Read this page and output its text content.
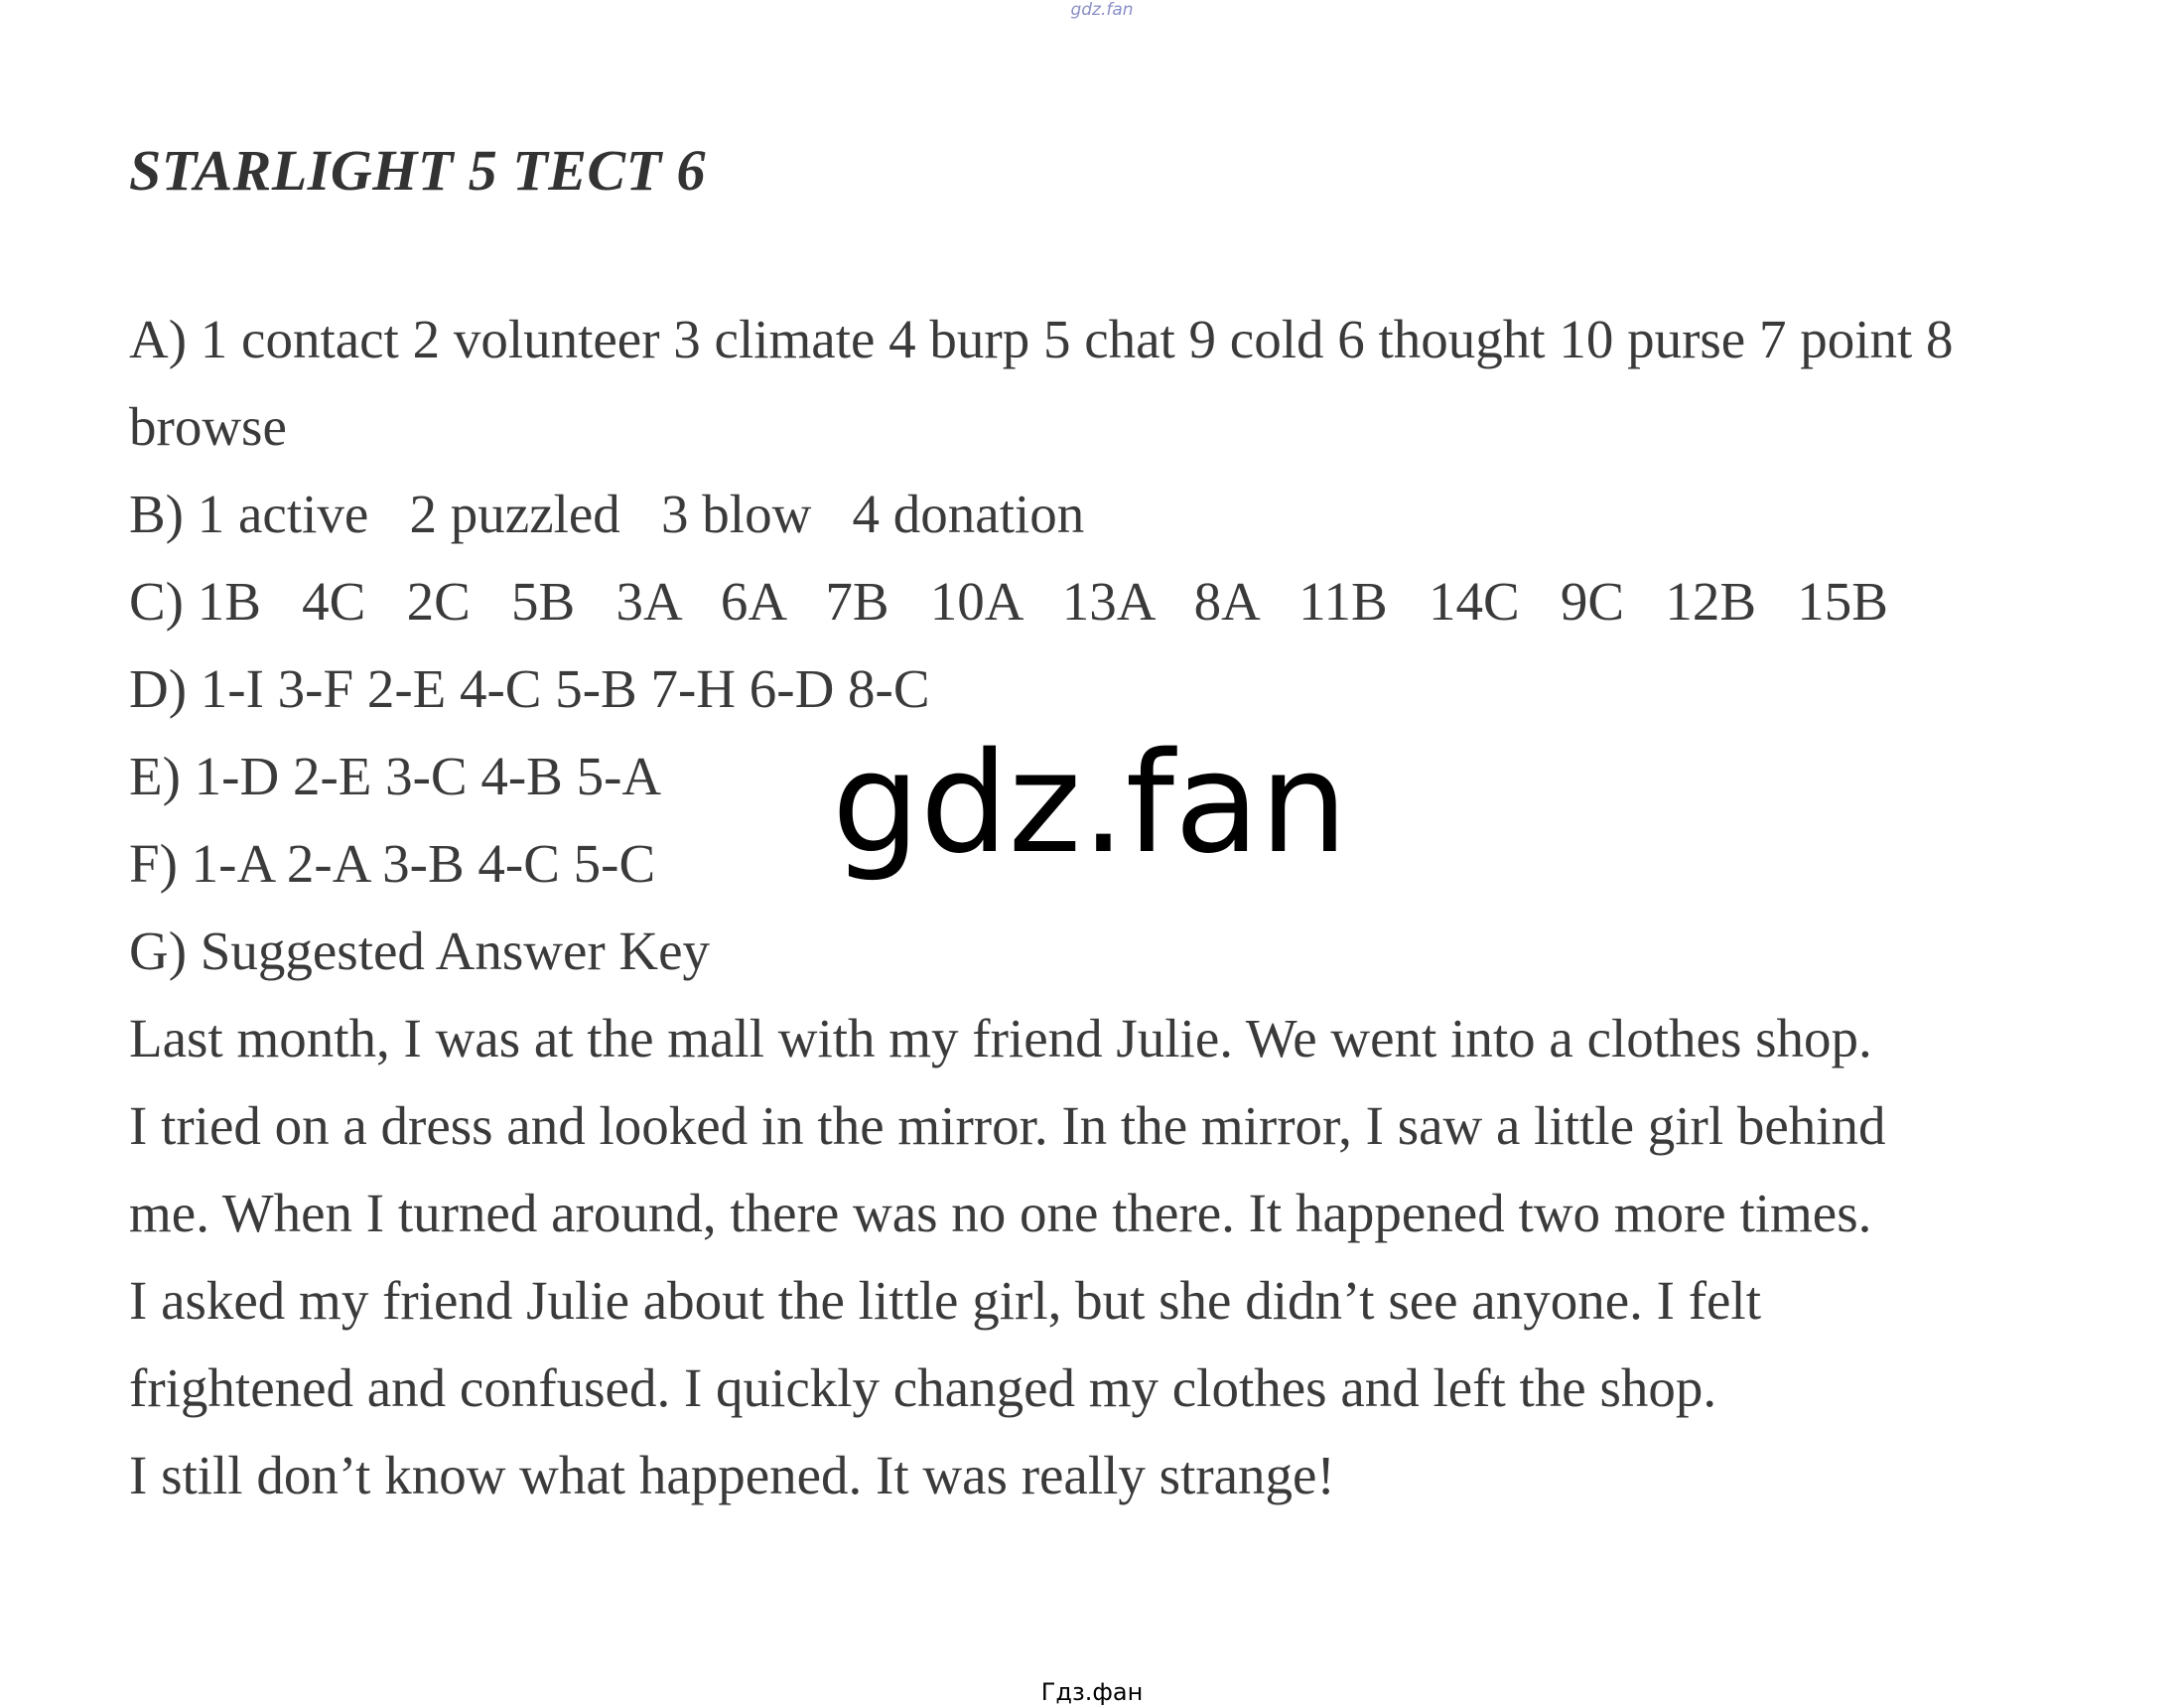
gdz.fan
STARLIGHT 5 TECT 6
A) 1 contact 2 volunteer 3 climate 4 burp 5 chat 9 cold 6 thought 10 purse 7 point 8 browse
B) 1 active   2 puzzled   3 blow   4 donation
C) 1B   4C   2C   5B   3A   6A   7B   10A   13A   8A   11B   14C   9C   12B   15B
D) 1-I 3-F 2-E 4-C 5-B 7-H 6-D 8-C
E) 1-D 2-E 3-C 4-B 5-A
F) 1-A 2-A 3-B 4-C 5-C
G) Suggested Answer Key
Last month, I was at the mall with my friend Julie. We went into a clothes shop.
I tried on a dress and looked in the mirror. In the mirror, I saw a little girl behind
me. When I turned around, there was no one there. It happened two more times.
I asked my friend Julie about the little girl, but she didn’t see anyone. I felt
frightened and confused. I quickly changed my clothes and left the shop.
I still don’t know what happened. It was really strange!
gdz.fan
Гдз.фан
